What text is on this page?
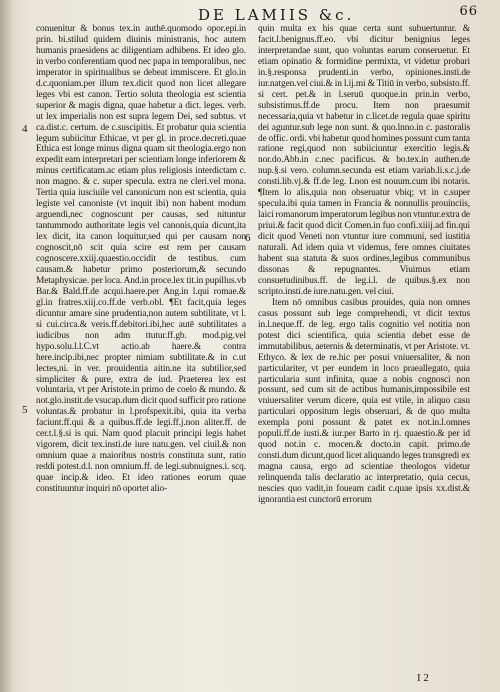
DE LAMIIS &c.	66

conuenitur & bonus tex.in authē.quomodo opor.epi.in prin. bi.stilud quidem diuinis ministranis, hoc autem humanis praesidens ac diligentiam adhibens. Et ideo glo. in verbo conferentiam quod nec papa in temporalibus, nec imperator in spiritualibus se debeat immiscere. Et glo.in d.c.quoniam.per illum tex.dicit quod non licet allegare leges vbi est canon. Tertio soluta theologia est scientia superior & magis digna, quae habetur a dict. leges. verb. ut lex imperialis non est supra legem Dei, sed subtus. vt ca.dist.c. certum. de c.suscipitis. Et probatur quia scientia legum subiicitur Ethicae, vt per gl. in proce.decreti.quae Ethica est longe minus digna quam sit theologia.ergo non expedit eam interpretari per scientiam longe inferiorem & minus certificatam.ac etiam plus religiosis interdictam c. non magno. & c. super specula. extra ne cleri.vel mona. Tertia quia iusciuile vel canonicum non est scientia, quia legiste vel canoniste (vt inquit ibi) non habent modum arguendi,nec cognoscunt per causas, sed nituntur tantummodo authoritate legis vel canonis,quia dicunt,ita lex dicit, ita canon loquitur,sed qui per causam non cognoscit,nō scit quia scire est rem per causam cognoscere.xxiij.quaestio.occidit de testibus. cum causam.& habetur primo posteriorum,& secundo Metaphysicae. per loca. And.in proce.lex tit.in pupillus.vb Bar.& Bald.ff.de acqui.haere.per Ang.in l.qui romae.& gl.in fratres.xiij.co.ff.de verb.obl. ¶Et facit,quia leges dicuntur amare sine prudentia,non autem subtilitate, vt l. si cui.circa.& veris.ff.debitori.ibi,hec autē subtilitates a iudicibus non adm ttutur.ff.gb. mod.pig.vel hypo.solu.l.l.C.vt actio.ab haere.& contra here.incip.ibi,nec propter nimiam subtilitate.& in c.ut lectes,ni. in ver. prouidentia aitin.ne ita subtilior,sed simpliciter & pure, extra de iud. Praeterea lex est voluntaria, vt per Aristote.in primo de coelo & mundo. & not.glo.instit.de vsucap.dum dicit quod sufficit pro ratione voluntas.& probatur in l.profspexit.ibi, quia ita verba faciunt.ff.qui & a quibus.ff.de legi.ff.j.non aliter.ff. de cer.t.l.§.si is qui. Nam quod placuit principi legis habet vigorem, dicit tex.insti.de iure natu.gen. vel ciuil.& non omnium quae a maioribus nostris constituta sunt, ratio reddi potest.d.l. non omnium.ff. de legi.subnuignes.i. scq. quae incip.& ideo. Et ideo rationes eorum quae constituuntur inquiri nō oportet alio-

quin multa ex his quae certa sunt subuertuntur. & facit.l.benignus.ff.eo. vbi dicitur benignius leges interpretandae sunt, quo voluntas earum conseruetur. Et etiam opinatio & formidine permixta, vt videtur probari in.§.responsa prudenti.in verbo, opiniones.insti.de iur.natgen.vel ciui.& in l.ij.mi & Titiū in verbo, subsisto.ff. si cert. pet.& in l.seruū quoque.in prin.in verbo, subsistimus.ff.de procu. Item non praesumit necessaria,quia vt habetur in c.licet.de regula quae spiritu dei aguntur.sub lege non sunt. & quo.lnno.in c. pastoralis de offic. ordi. vbi habetur quod homines possunt cum tanta ratione regi,quod non subiiciuntur exercitio legis.& nor.do.Abb.in c.nec pacificus. & bo.tex.in authen.de nup.§.si vero. column.secunda est etiam variab.li.s.c.j.de consti.lib.vj.& ff.de leg. Lnon est nouum.cum ibi notaris. ¶Item lo alis,quia non obseruatur vbiq; vt in c.super specula.ibi quia tamen in Francia & nonnullis prouinciis, laici romanorum imperatorum legibus non vtuntur.extra de priui.& facit quod dicit Comen.in fuo confi.xiiij.ad fin.qui dicit quod Veneti non vtuntur iure communi, sed iustitia naturali. Ad idem quia vt videmus, fere omnes ciuitates habent sua statuta & suos ordines,legibus communibus dissonas & repugnantes. Viuimus etiam consuetudinibus.ff. de leg.i.l. de quibus.§.ex non scripto.insti.de iure.natu.gen. vel ciui.

Item nō omnibus casibus prouides, quia non omnes casus possunt sub lege comprehendi, vt dicit textus in.l.neque.ff. de leg. ergo talis cognitio vel notitia non potest dici scientifica, quia scientia debet esse de immutabilibus, aeternis & determinatis, vt per Aristote. vt. Ethyco. & lex de re.hic per posui vniuersaliter, & non particulariter, vt per eundem in loco praeallegato, quia particularia sunt infinita, quae a nobis cognosci non possunt, sed cum sit de actibus humanis,impossibile est vniuersaliter verum dicere, quia est vtile, in aliquo casu particulari oppositum legis obseruari, & de quo multa exempla poni possunt & patet ex not.in.l.omnes populi.ff.de iusti.& iur.per Barto in rj. quaestio.& per id quod not.in c. mocen.& docto.in capit. primo.de consti.dum dicunt,quod licet aliquando leges transgredi ex magna causa, ergo ad scientiae theologos videtur relinquenda talis declaratio ac interpretatio, quia cecus, nescies quo vadit,in foueam cadit c.quae ipsis xx.dist.& ignorantia est cunctorū errorum

4
5
6
I 2
